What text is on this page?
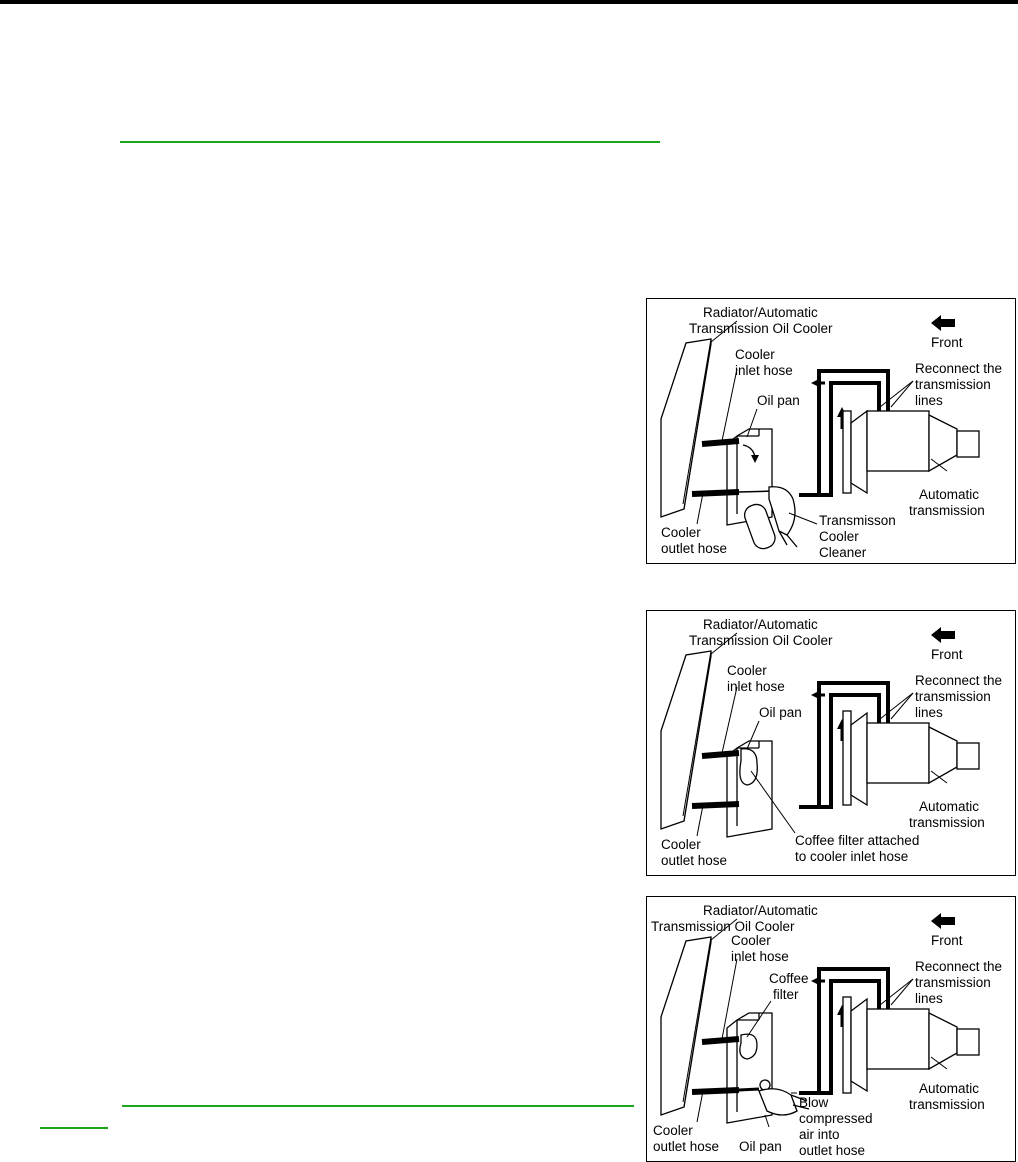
Radiator/Automatic Transmission Oil Cooler
Front
Cooler inlet hose
Oil pan
Reconnect the transmission lines
Automatic transmission
Cooler outlet hose
Transmisson Cooler Cleaner
Radiator/Automatic Transmission Oil Cooler
Front
Cooler inlet hose
Oil pan
Reconnect the transmission lines
Automatic transmission
Cooler outlet hose
Coffee filter attached to cooler inlet hose
Radiator/Automatic Transmission Oil Cooler
Cooler inlet hose
Front
Coffee filter
Reconnect the transmission lines
Automatic transmission
Blow compressed air into outlet hose
Cooler outlet hose Oil pan
